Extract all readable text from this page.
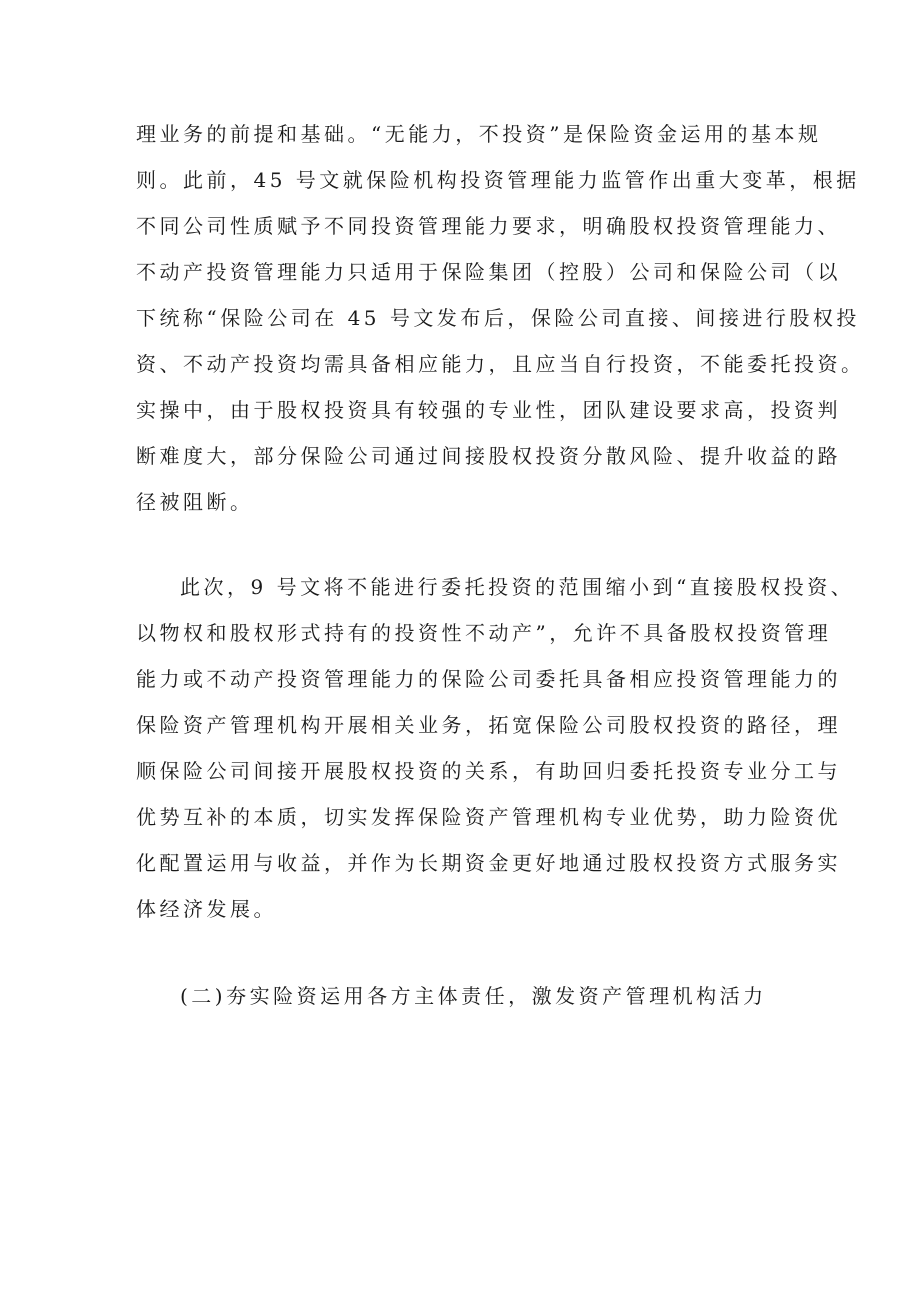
理业务的前提和基础。“无能力，不投资”是保险资金运用的基本规
则。此前，45 号文就保险机构投资管理能力监管作出重大变革，根据
不同公司性质赋予不同投资管理能力要求，明确股权投资管理能力、
不动产投资管理能力只适用于保险集团（控股）公司和保险公司（以
下统称“保险公司在 45 号文发布后，保险公司直接、间接进行股权投
资、不动产投资均需具备相应能力，且应当自行投资，不能委托投资。
实操中，由于股权投资具有较强的专业性，团队建设要求高，投资判
断难度大，部分保险公司通过间接股权投资分散风险、提升收益的路
径被阻断。
此次，9 号文将不能进行委托投资的范围缩小到“直接股权投资、
以物权和股权形式持有的投资性不动产”，允许不具备股权投资管理
能力或不动产投资管理能力的保险公司委托具备相应投资管理能力的
保险资产管理机构开展相关业务，拓宽保险公司股权投资的路径，理
顺保险公司间接开展股权投资的关系，有助回归委托投资专业分工与
优势互补的本质，切实发挥保险资产管理机构专业优势，助力险资优
化配置运用与收益，并作为长期资金更好地通过股权投资方式服务实
体经济发展。
(二)夯实险资运用各方主体责任，激发资产管理机构活力
